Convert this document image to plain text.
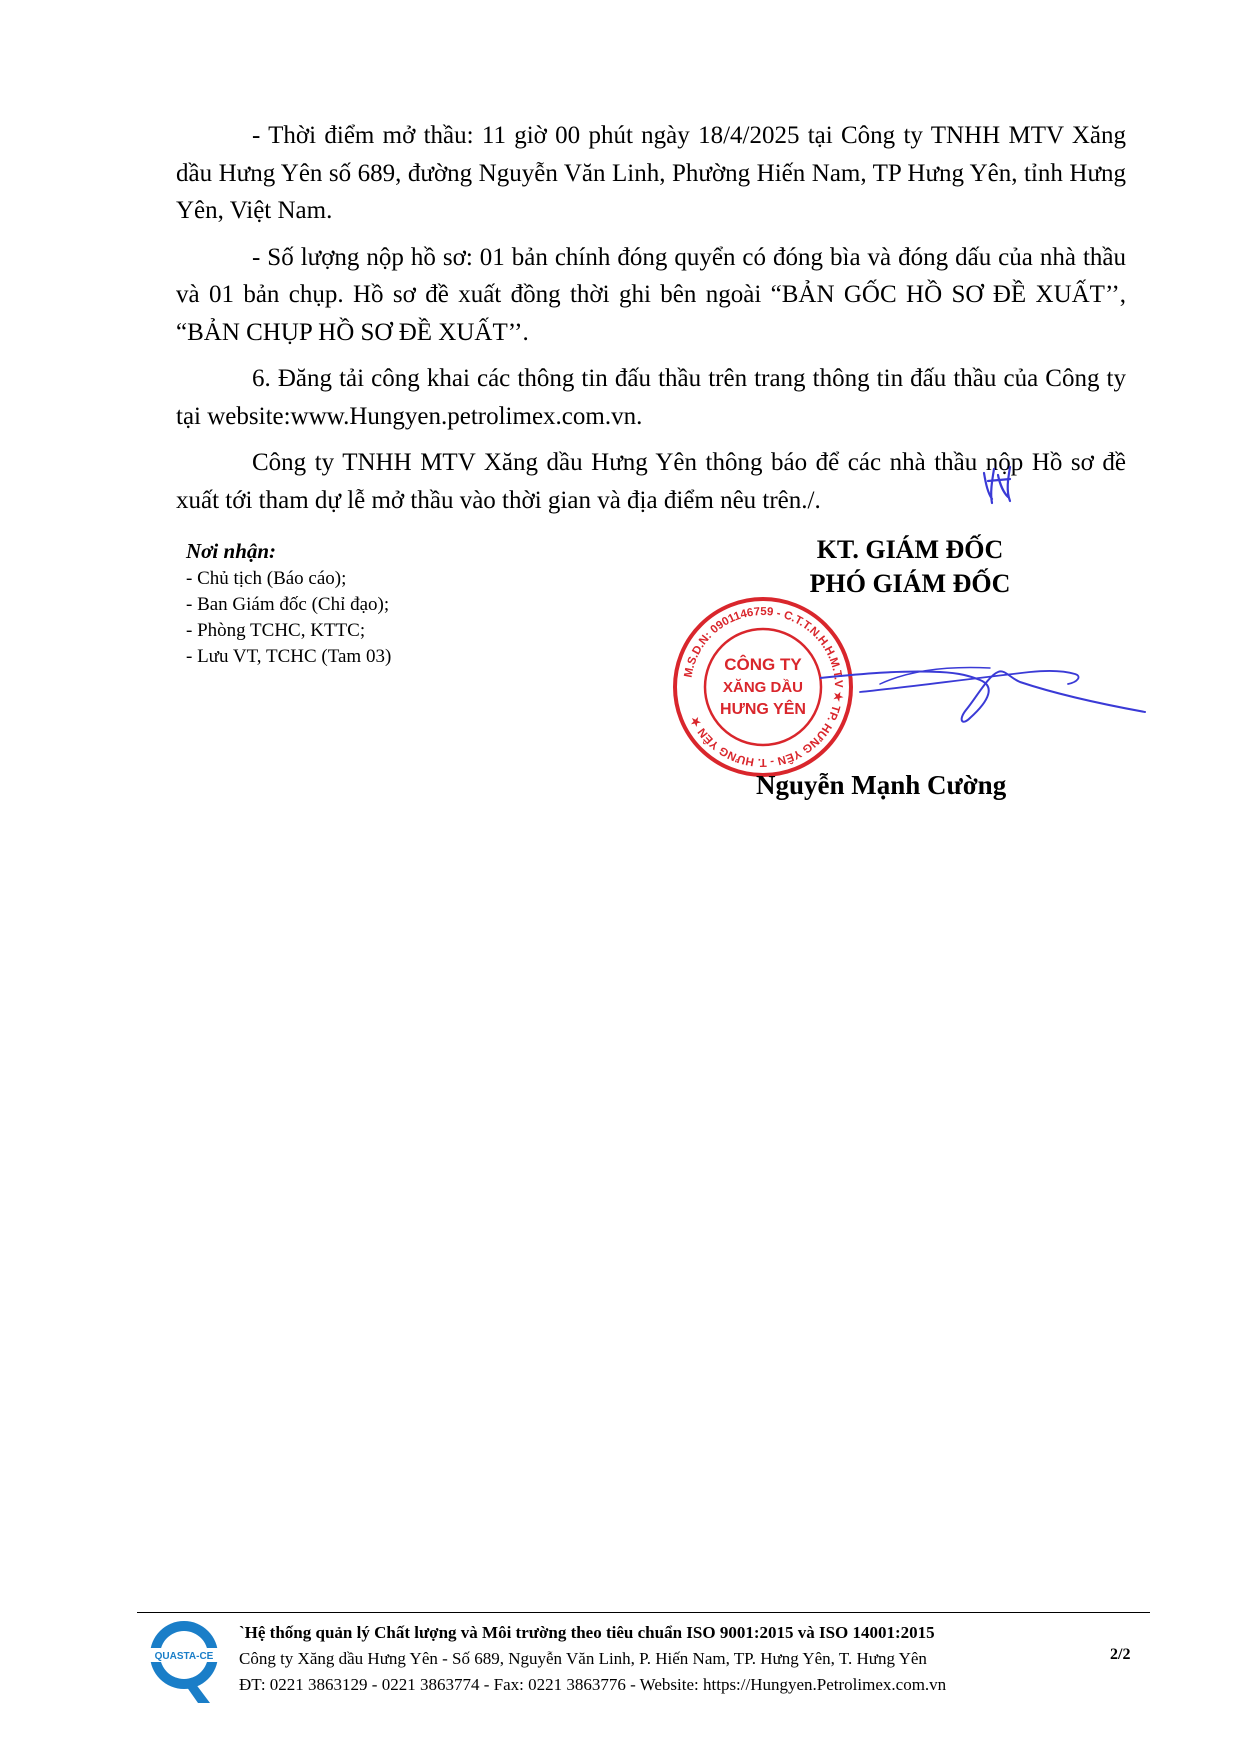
- Thời điểm mở thầu: 11 giờ 00 phút ngày 18/4/2025 tại Công ty TNHH MTV Xăng dầu Hưng Yên số 689, đường Nguyễn Văn Linh, Phường Hiến Nam, TP Hưng Yên, tỉnh Hưng Yên, Việt Nam.

- Số lượng nộp hồ sơ: 01 bản chính đóng quyển có đóng bìa và đóng dấu của nhà thầu và 01 bản chụp. Hồ sơ đề xuất đồng thời ghi bên ngoài “BẢN GỐC HỒ SƠ ĐỀ XUẤT’’, “BẢN CHỤP HỒ SƠ ĐỀ XUẤT’’.

6. Đăng tải công khai các thông tin đấu thầu trên trang thông tin đấu thầu của Công ty tại website:www.Hungyen.petrolimex.com.vn.

Công ty TNHH MTV Xăng dầu Hưng Yên thông báo để các nhà thầu nộp Hồ sơ đề xuất tới tham dự lễ mở thầu vào thời gian và địa điểm nêu trên./.

Nơi nhận:

- Chủ tịch (Báo cáo);

- Ban Giám đốc (Chỉ đạo);

- Phòng TCHC, KTTC;

- Lưu VT, TCHC (Tam 03)

KT. GIÁM ĐỐC
PHÓ GIÁM ĐỐC
M.S.D.N: 0901146759 - C.T.T.N.H.H.M.T.V ★ TP. HƯNG YÊN - T. HƯNG YÊN ★
CÔNG TY
XĂNG DẦU
HƯNG YÊN
Nguyễn Mạnh Cường
QUASTA-CE
`Hệ thống quản lý Chất lượng và Môi trường theo tiêu chuẩn ISO 9001:2015 và ISO 14001:2015
Công ty Xăng dầu Hưng Yên - Số 689, Nguyễn Văn Linh, P. Hiến Nam, TP. Hưng Yên, T. Hưng Yên
ĐT: 0221 3863129 - 0221 3863774 - Fax: 0221 3863776 - Website: https://Hungyen.Petrolimex.com.vn
2/2
